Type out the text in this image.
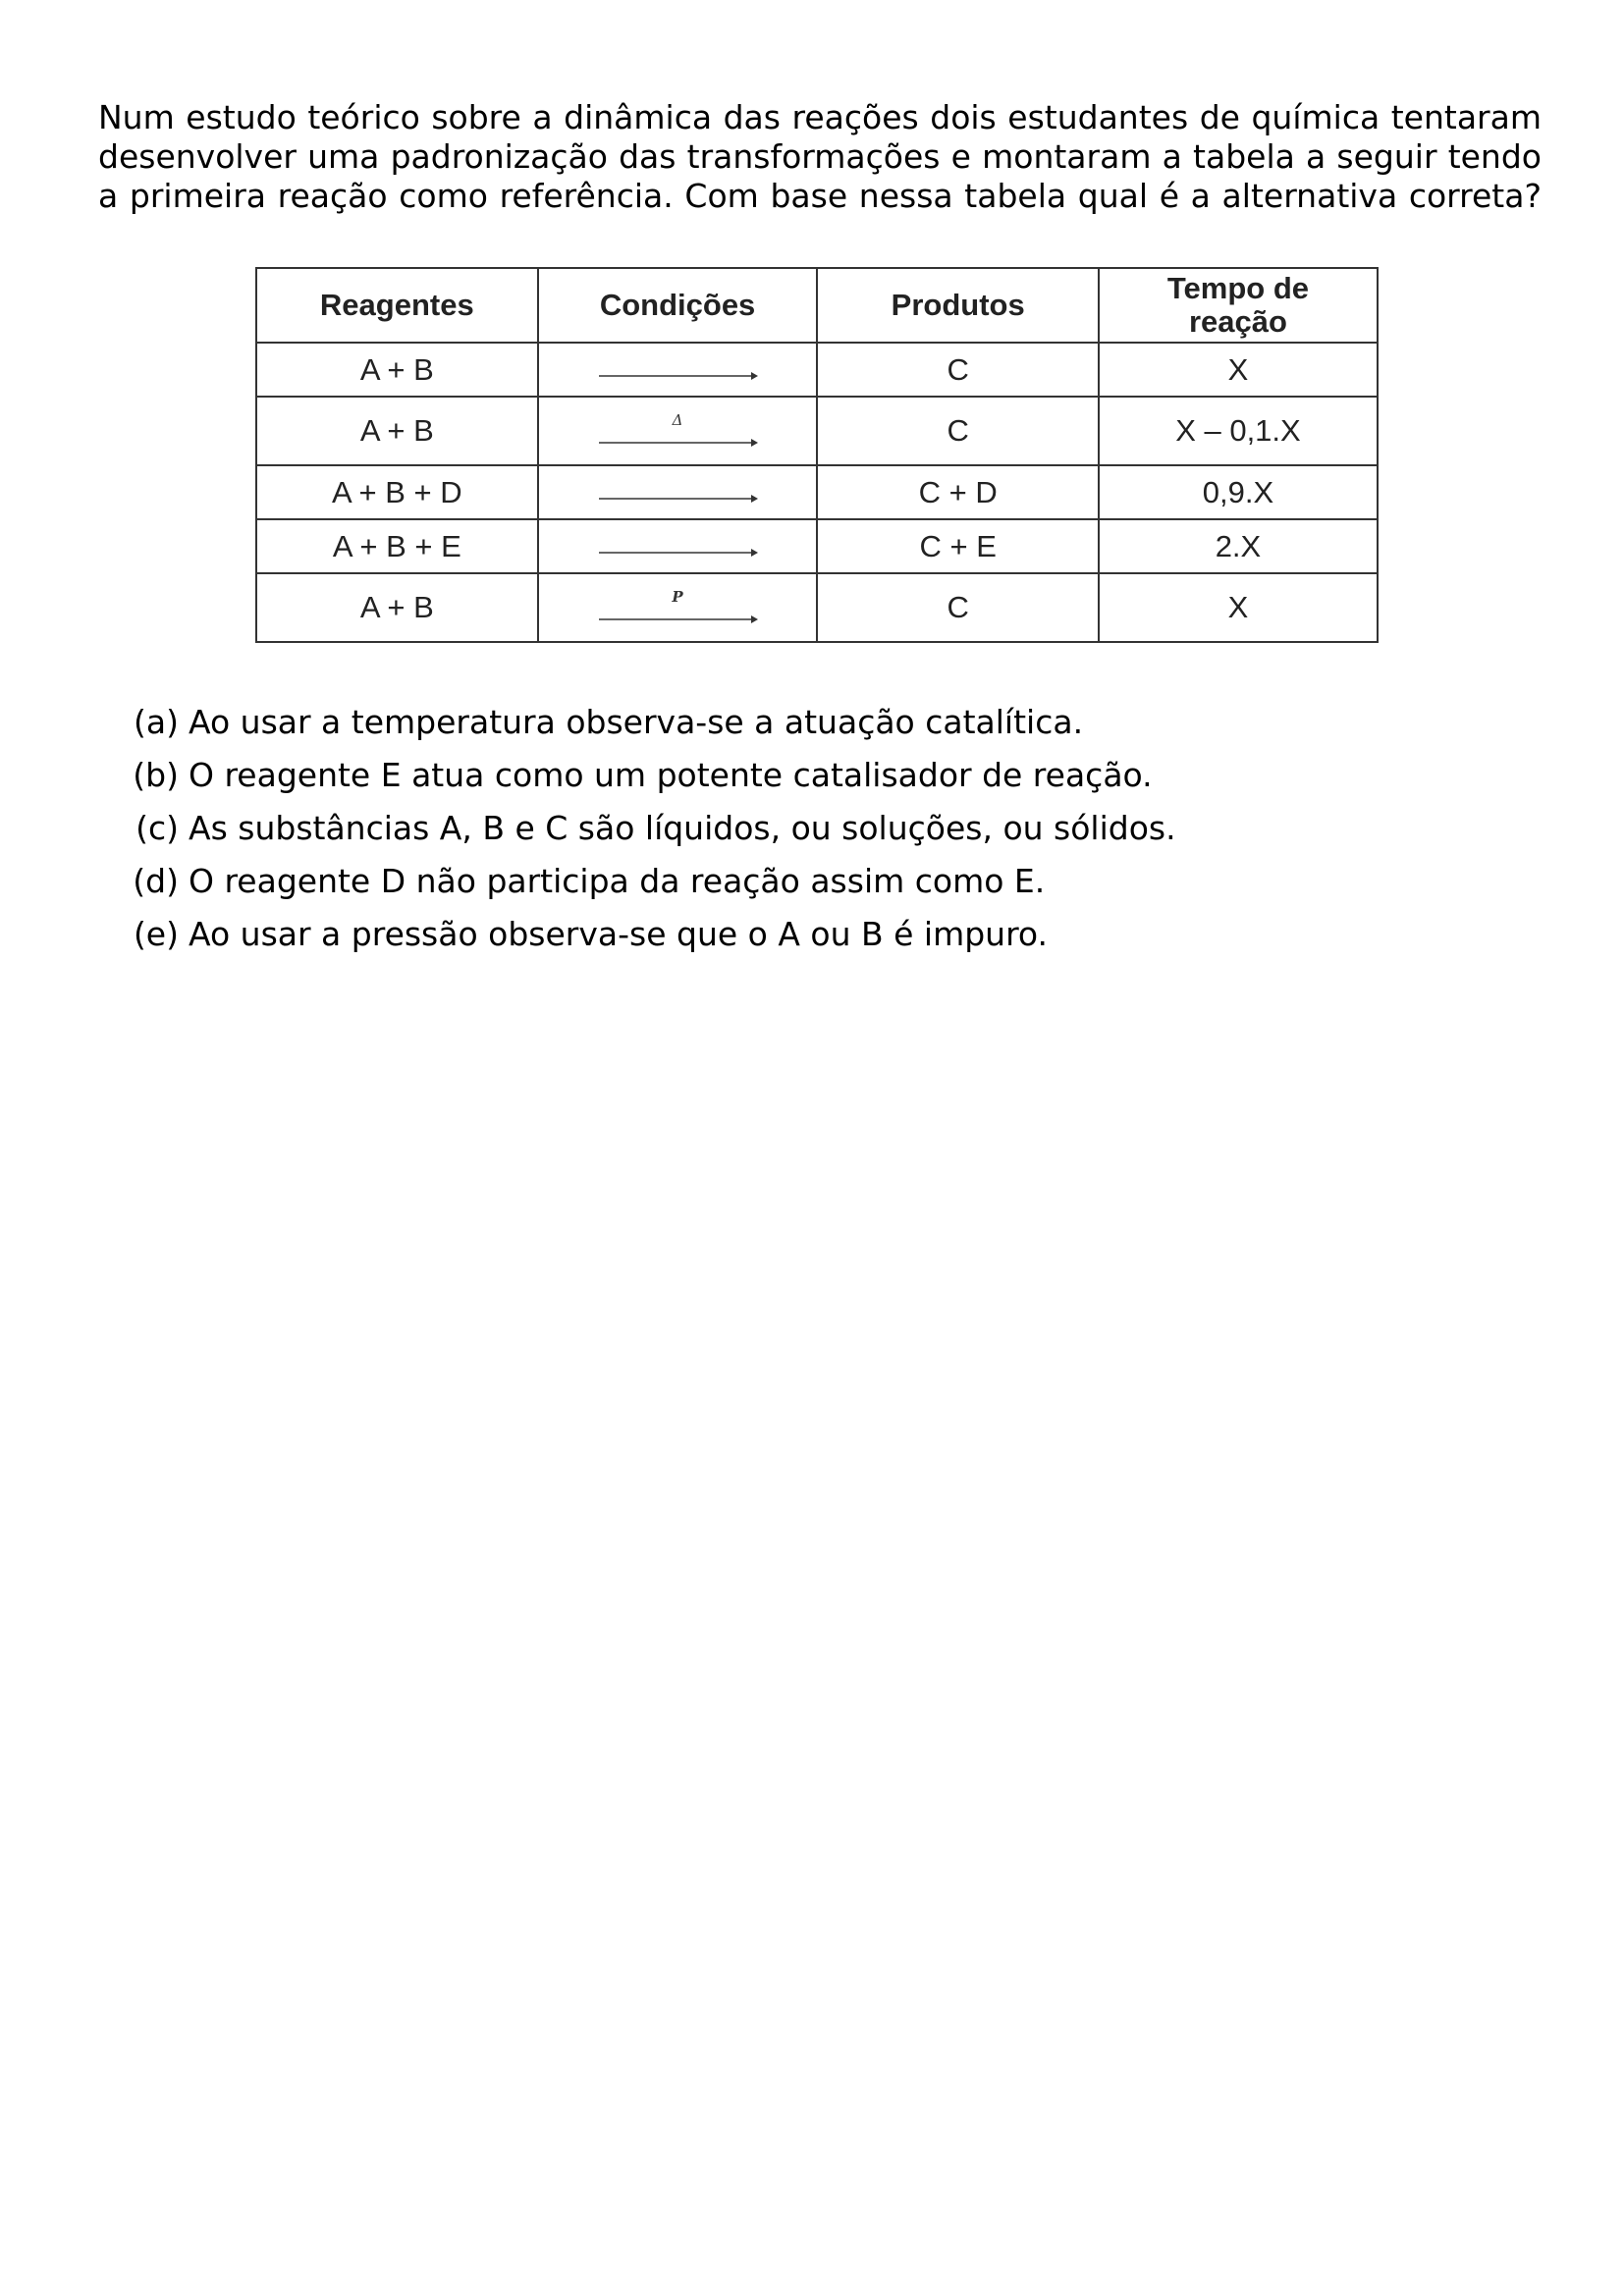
Num estudo teórico sobre a dinâmica das reações dois estudantes de química tentaram
desenvolver uma padronização das transformações e montaram a tabela a seguir tendo
a primeira reação como referência. Com base nessa tabela qual é a alternativa correta?
Reagentes	Condições	Produtos	Tempo de
reação
A + B		C	X
A + B	Δ	C	X – 0,1.X
A + B + D		C + D	0,9.X
A + B + E		C + E	2.X
A + B	P	C	X
(a) Ao usar a temperatura observa-se a atuação catalítica.
(b) O reagente E atua como um potente catalisador de reação.
(c) As substâncias A, B e C são líquidos, ou soluções, ou sólidos.
(d) O reagente D não participa da reação assim como E.
(e) Ao usar a pressão observa-se que o A ou B é impuro.
